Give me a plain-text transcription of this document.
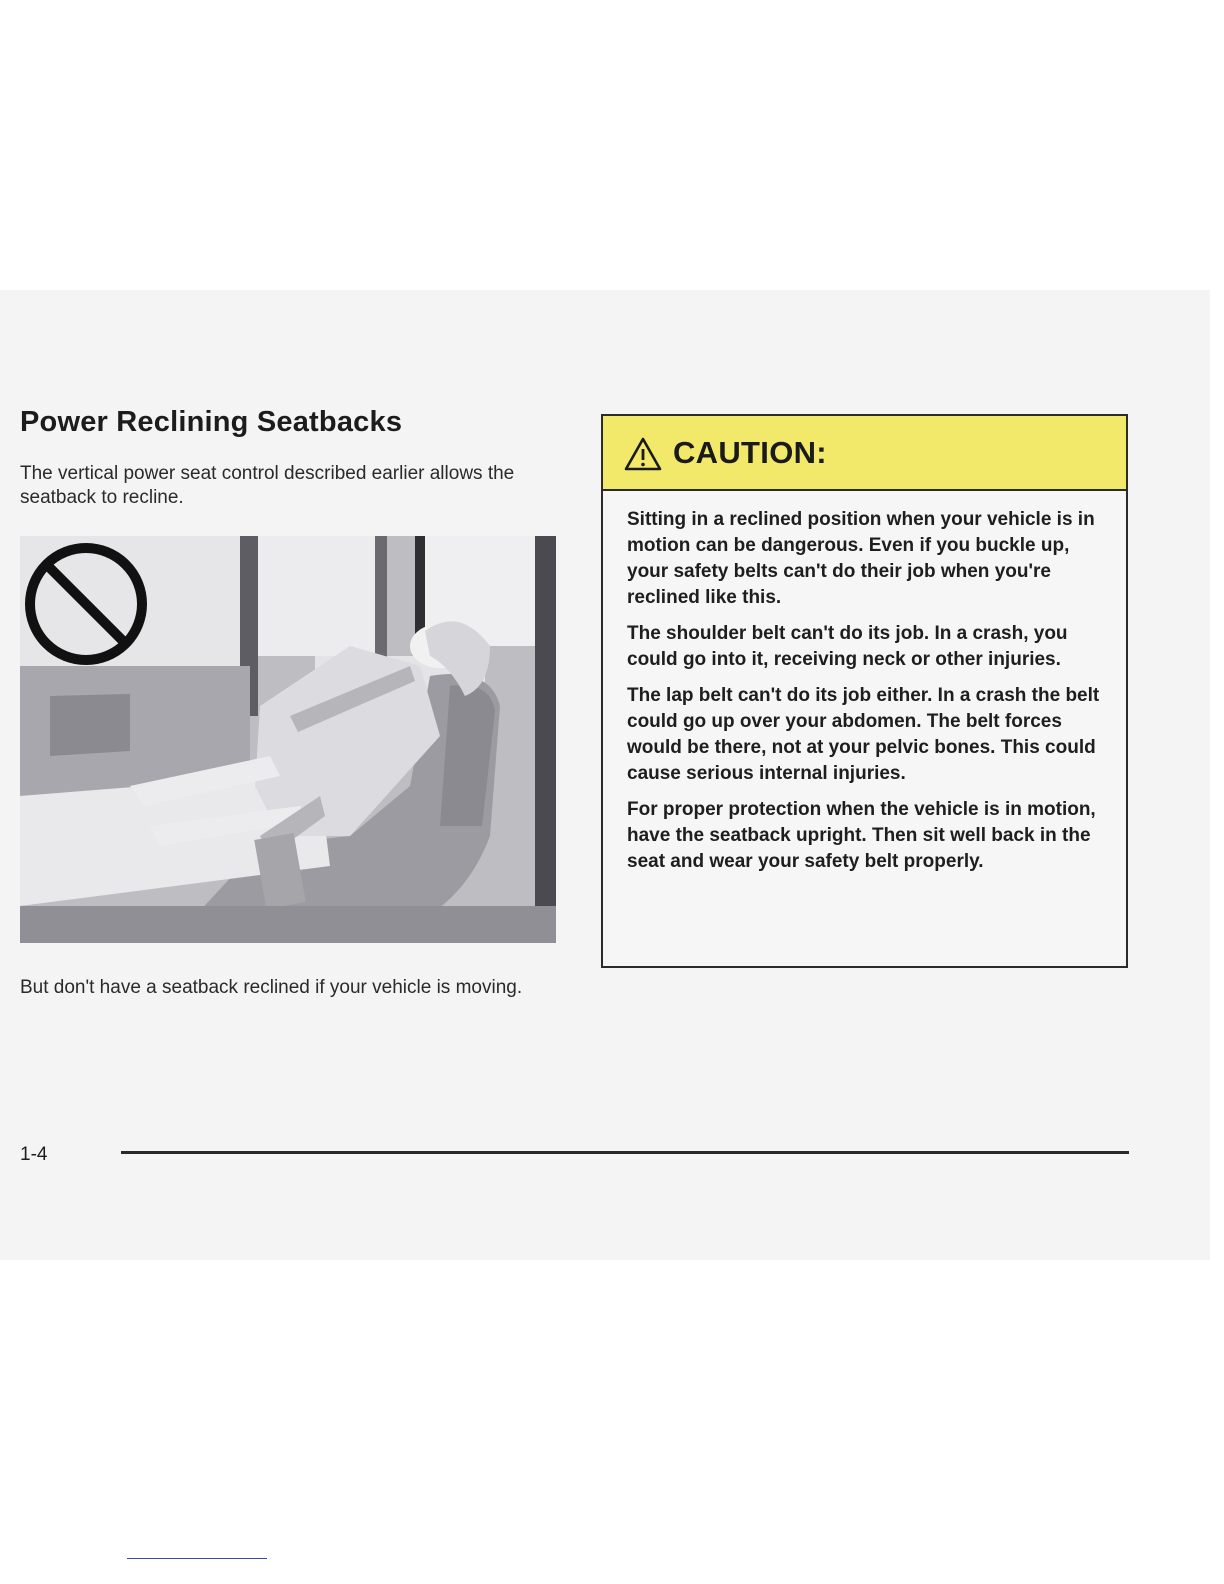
Power Reclining Seatbacks

The vertical power seat control described earlier allows the seatback to recline.

But don't have a seatback reclined if your vehicle is moving.

CAUTION:

Sitting in a reclined position when your vehicle is in motion can be dangerous. Even if you buckle up, your safety belts can't do their job when you're reclined like this.

The shoulder belt can't do its job. In a crash, you could go into it, receiving neck or other injuries.

The lap belt can't do its job either. In a crash the belt could go up over your abdomen. The belt forces would be there, not at your pelvic bones. This could cause serious internal injuries.

For proper protection when the vehicle is in motion, have the seatback upright. Then sit well back in the seat and wear your safety belt properly.

1-4
